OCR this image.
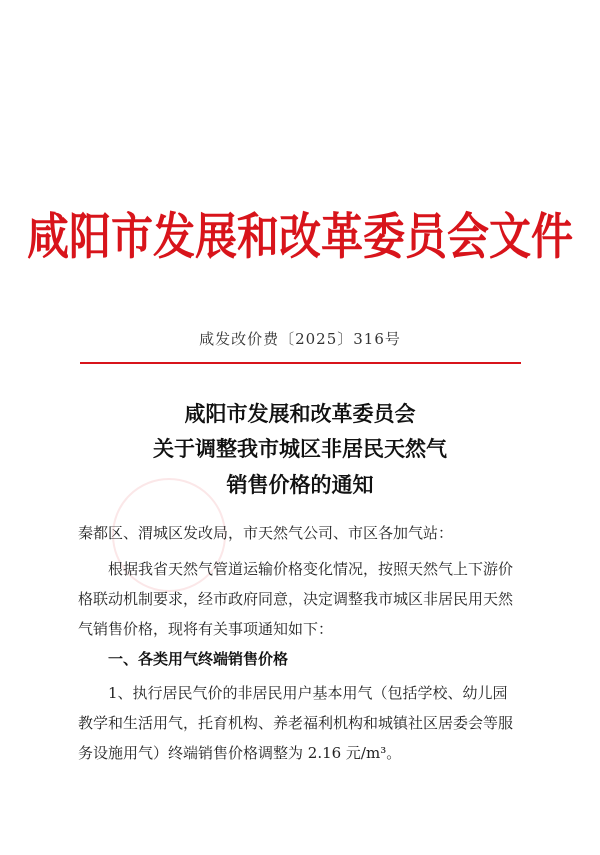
咸阳市发展和改革委员会文件
咸发改价费〔2025〕316号
咸阳市发展和改革委员会
关于调整我市城区非居民天然气
销售价格的通知
秦都区、渭城区发改局，市天然气公司、市区各加气站：
根据我省天然气管道运输价格变化情况，按照天然气上下游价格联动机制要求，经市政府同意，决定调整我市城区非居民用天然气销售价格，现将有关事项通知如下：
一、各类用气终端销售价格
1、执行居民气价的非居民用户基本用气（包括学校、幼儿园教学和生活用气，托育机构、养老福利机构和城镇社区居委会等服务设施用气）终端销售价格调整为 2.16 元/m³。
